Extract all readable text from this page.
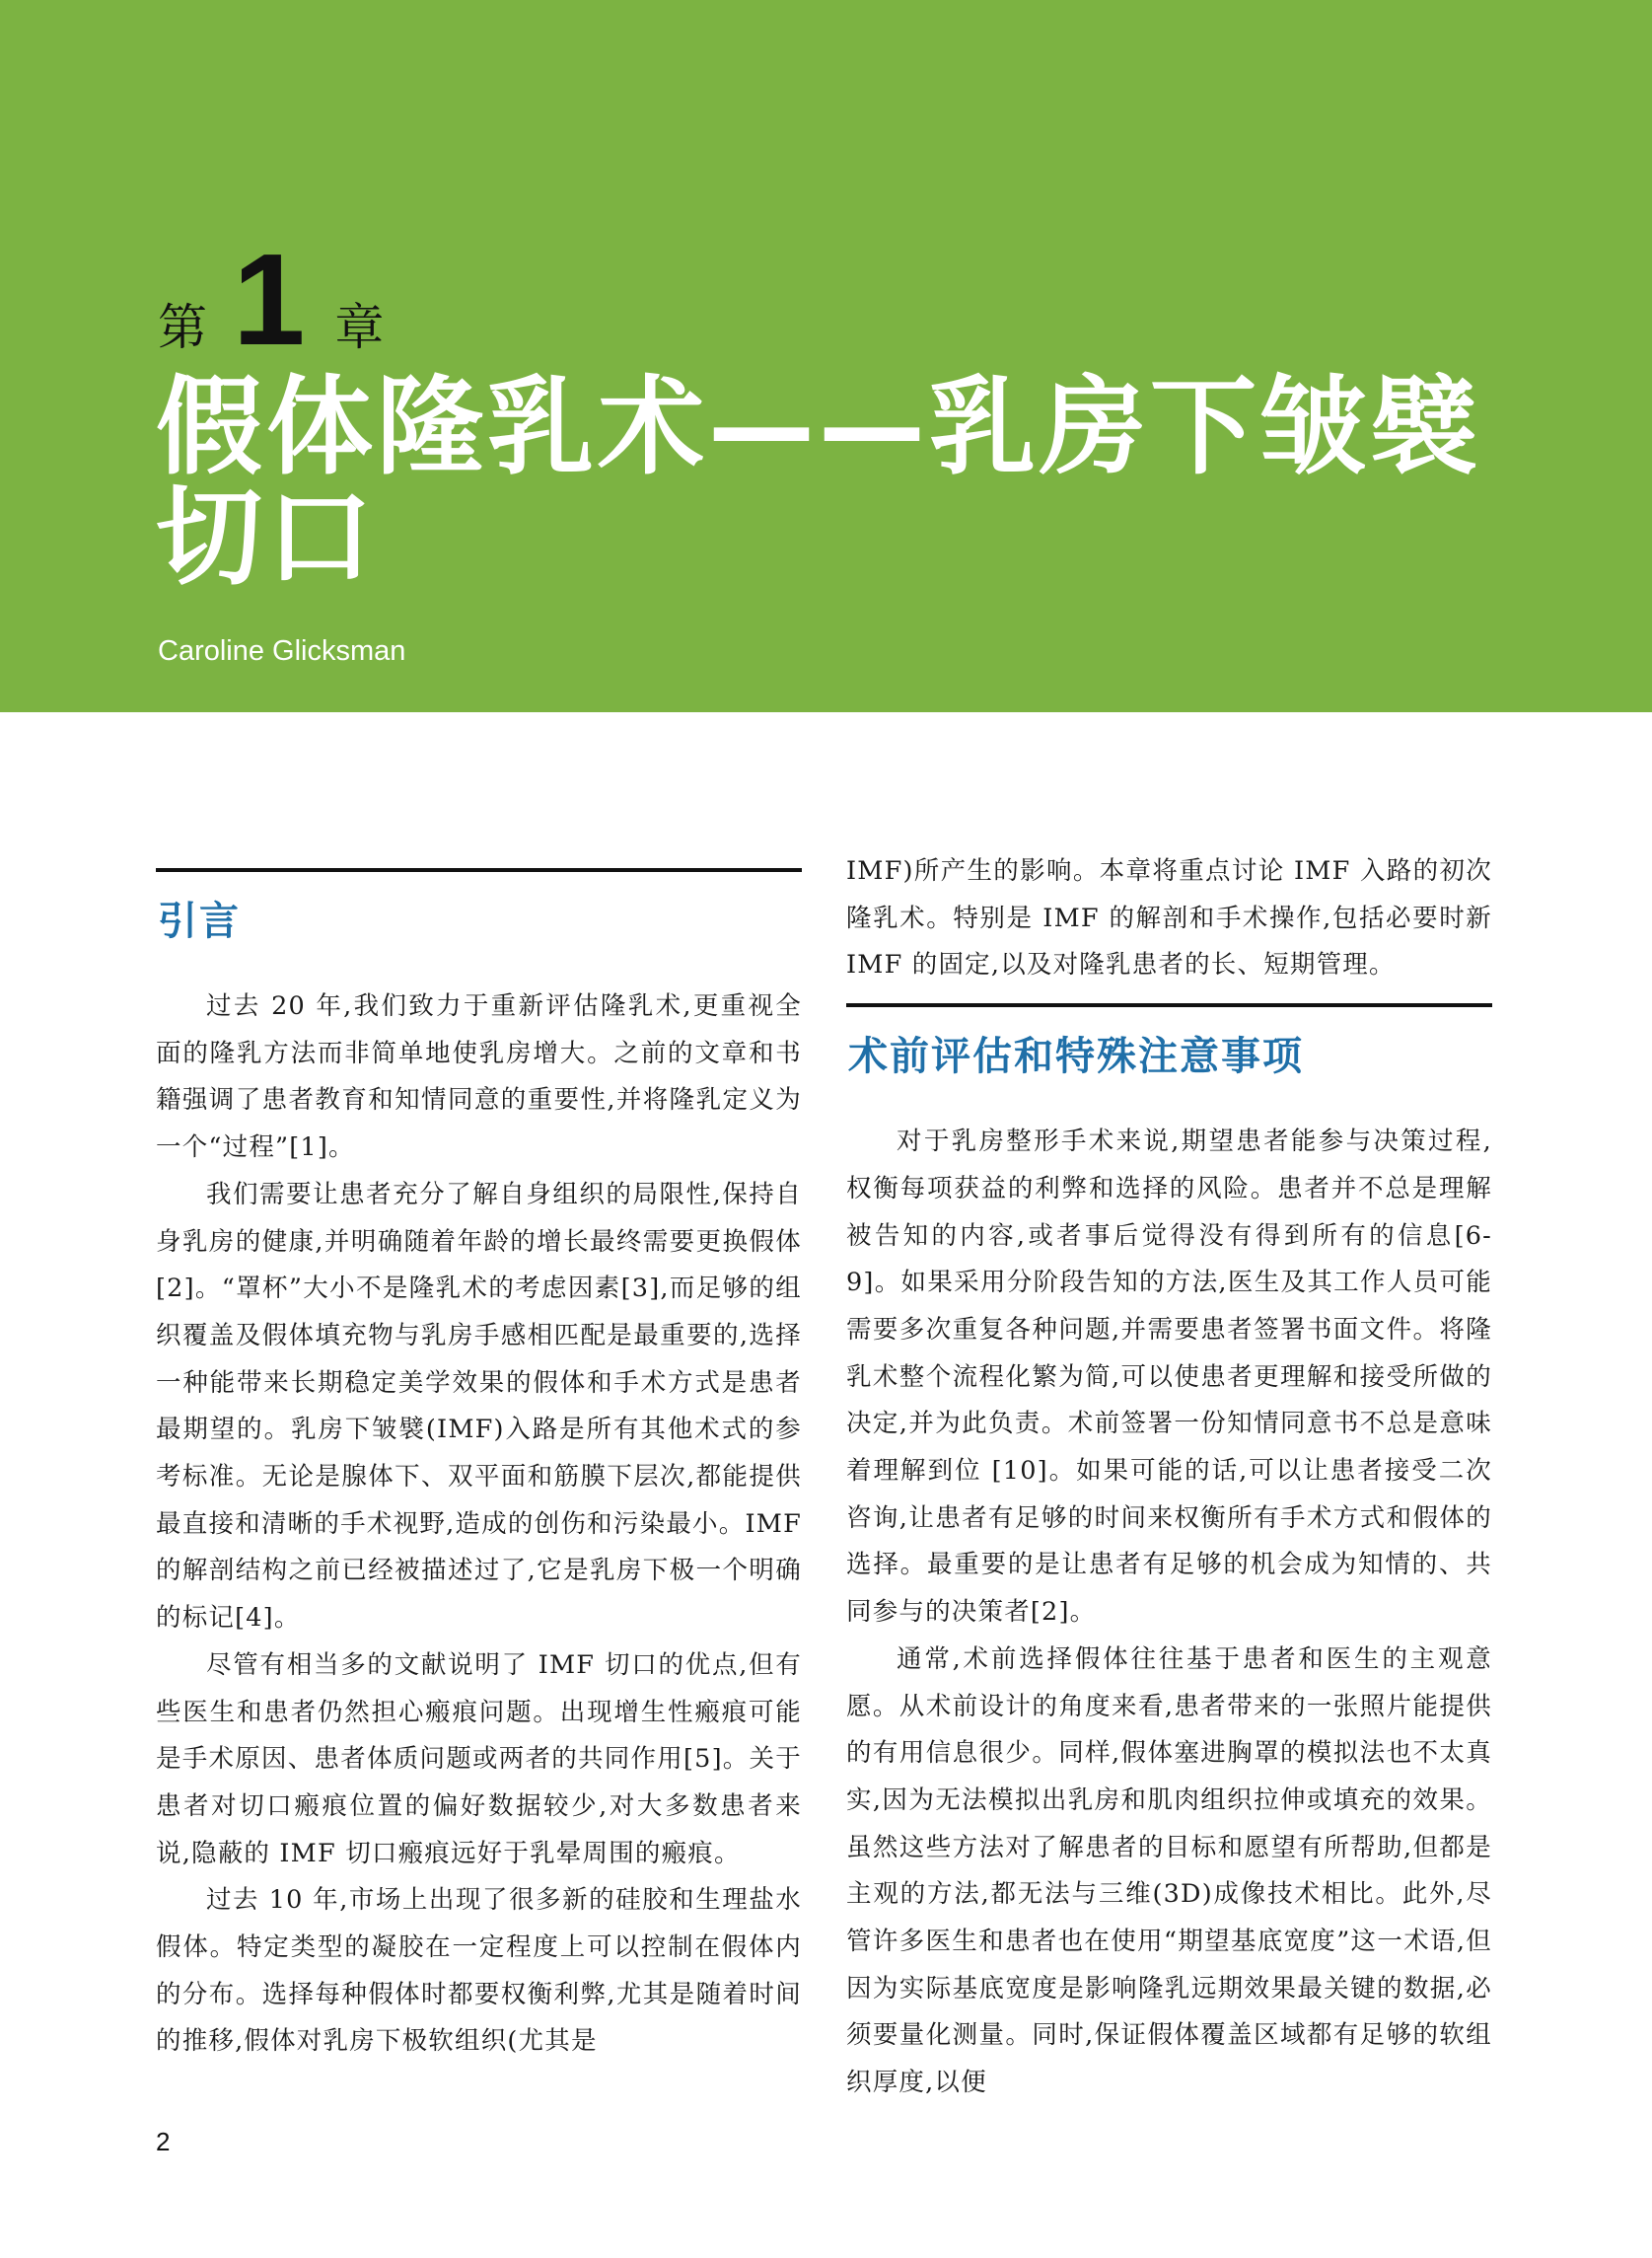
第 1 章
假体隆乳术——乳房下皱襞
切口
Caroline Glicksman
引言

过去 20 年,我们致力于重新评估隆乳术,更重视全面的隆乳方法而非简单地使乳房增大。之前的文章和书籍强调了患者教育和知情同意的重要性,并将隆乳定义为一个“过程”[1]。

我们需要让患者充分了解自身组织的局限性,保持自身乳房的健康,并明确随着年龄的增长最终需要更换假体[2]。“罩杯”大小不是隆乳术的考虑因素[3],而足够的组织覆盖及假体填充物与乳房手感相匹配是最重要的,选择一种能带来长期稳定美学效果的假体和手术方式是患者最期望的。乳房下皱襞(IMF)入路是所有其他术式的参考标准。无论是腺体下、双平面和筋膜下层次,都能提供最直接和清晰的手术视野,造成的创伤和污染最小。IMF 的解剖结构之前已经被描述过了,它是乳房下极一个明确的标记[4]。

尽管有相当多的文献说明了 IMF 切口的优点,但有些医生和患者仍然担心瘢痕问题。出现增生性瘢痕可能是手术原因、患者体质问题或两者的共同作用[5]。关于患者对切口瘢痕位置的偏好数据较少,对大多数患者来说,隐蔽的 IMF 切口瘢痕远好于乳晕周围的瘢痕。

过去 10 年,市场上出现了很多新的硅胶和生理盐水假体。特定类型的凝胶在一定程度上可以控制在假体内的分布。选择每种假体时都要权衡利弊,尤其是随着时间的推移,假体对乳房下极软组织(尤其是

IMF)所产生的影响。本章将重点讨论 IMF 入路的初次隆乳术。特别是 IMF 的解剖和手术操作,包括必要时新 IMF 的固定,以及对隆乳患者的长、短期管理。

术前评估和特殊注意事项

对于乳房整形手术来说,期望患者能参与决策过程,权衡每项获益的利弊和选择的风险。患者并不总是理解被告知的内容,或者事后觉得没有得到所有的信息[6-9]。如果采用分阶段告知的方法,医生及其工作人员可能需要多次重复各种问题,并需要患者签署书面文件。将隆乳术整个流程化繁为简,可以使患者更理解和接受所做的决定,并为此负责。术前签署一份知情同意书不总是意味着理解到位 [10]。如果可能的话,可以让患者接受二次咨询,让患者有足够的时间来权衡所有手术方式和假体的选择。最重要的是让患者有足够的机会成为知情的、共同参与的决策者[2]。

通常,术前选择假体往往基于患者和医生的主观意愿。从术前设计的角度来看,患者带来的一张照片能提供的有用信息很少。同样,假体塞进胸罩的模拟法也不太真实,因为无法模拟出乳房和肌肉组织拉伸或填充的效果。虽然这些方法对了解患者的目标和愿望有所帮助,但都是主观的方法,都无法与三维(3D)成像技术相比。此外,尽管许多医生和患者也在使用“期望基底宽度”这一术语,但因为实际基底宽度是影响隆乳远期效果最关键的数据,必须要量化测量。同时,保证假体覆盖区域都有足够的软组织厚度,以便

2
